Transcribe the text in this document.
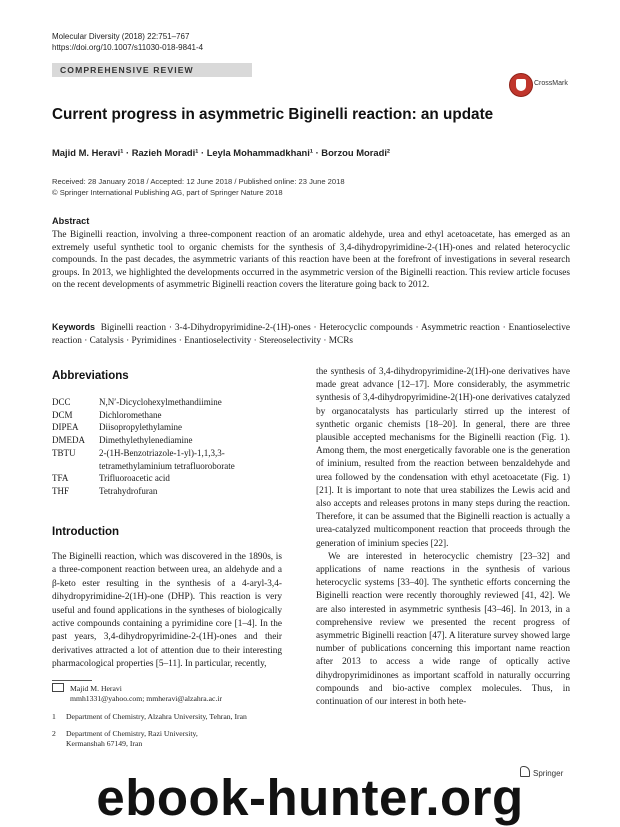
Molecular Diversity (2018) 22:751–767
https://doi.org/10.1007/s11030-018-9841-4
COMPREHENSIVE REVIEW
CrossMark
Current progress in asymmetric Biginelli reaction: an update
Majid M. Heravi¹ · Razieh Moradi¹ · Leyla Mohammadkhani¹ · Borzou Moradi²
Received: 28 January 2018 / Accepted: 12 June 2018 / Published online: 23 June 2018
© Springer International Publishing AG, part of Springer Nature 2018
Abstract
The Biginelli reaction, involving a three-component reaction of an aromatic aldehyde, urea and ethyl acetoacetate, has emerged as an extremely useful synthetic tool to organic chemists for the synthesis of 3,4-dihydropyrimidine-2-(1H)-ones and related heterocyclic compounds. In the past decades, the asymmetric variants of this reaction have been at the forefront of investigations in several research groups. In 2013, we highlighted the developments occurred in the asymmetric version of the Biginelli reaction. This review article focuses on the recent developments of asymmetric Biginelli reaction covers the literature going back to 2012.
Keywords Biginelli reaction · 3-4-Dihydropyrimidine-2-(1H)-ones · Heterocyclic compounds · Asymmetric reaction · Enantioselective reaction · Catalysis · Pyrimidines · Enantioselectivity · Stereoselectivity · MCRs
Abbreviations
DCC	N,N′-Dicyclohexylmethandiimine
DCM	Dichloromethane
DIPEA	Diisopropylethylamine
DMEDA	Dimethylethylenediamine
TBTU	2-(1H-Benzotriazole-1-yl)-1,1,3,3-tetramethylaminium tetrafluoroborate
TFA	Trifluoroacetic acid
THF	Tetrahydrofuran
Introduction
The Biginelli reaction, which was discovered in the 1890s, is a three-component reaction between urea, an aldehyde and a β-keto ester resulting in the synthesis of a 4-aryl-3,4-dihydropyrimidine-2(1H)-one (DHP). This reaction is very useful and found applications in the syntheses of biologically active compounds containing a pyrimidine core [1–4]. In the past years, 3,4-dihydropyrimidine-2-(1H)-ones and their derivatives attracted a lot of attention due to their interesting pharmacological properties [5–11]. In particular, recently,
Majid M. Heravi
mmh1331@yahoo.com; mmheravi@alzahra.ac.ir
1	Department of Chemistry, Alzahra University, Tehran, Iran
2	Department of Chemistry, Razi University,
Kermanshah 67149, Iran

the synthesis of 3,4-dihydropyrimidine-2(1H)-one derivatives have made great advance [12–17]. More considerably, the asymmetric synthesis of 3,4-dihydropyrimidine-2(1H)-one derivatives catalyzed by organocatalysts has particularly stirred up the interest of synthetic organic chemists [18–20]. In general, there are three plausible accepted mechanisms for the Biginelli reaction (Fig. 1). Among them, the most energetically favorable one is the generation of iminium, resulted from the reaction between benzaldehyde and urea followed by the condensation with ethyl acetoacetate (Fig. 1) [21]. It is important to note that urea stabilizes the Lewis acid and also accepts and releases protons in many steps during the reaction. Therefore, it can be assumed that the Biginelli reaction is actually a urea-catalyzed multicomponent reaction that proceeds through the generation of iminium species [22].

We are interested in heterocyclic chemistry [23–32] and applications of name reactions in the synthesis of various heterocyclic systems [33–40]. The synthetic efforts concerning the Biginelli reaction were recently thoroughly reviewed [41, 42]. We are also interested in asymmetric synthesis [43–46]. In 2013, in a comprehensive review we presented the recent progress of asymmetric Biginelli reaction [47]. A literature survey showed large number of publications concerning this important name reaction after 2013 to access a wide range of optically active dihydropyrimidinones as important scaffold in naturally occurring compounds and bio-active complex molecules. Thus, in continuation of our interest in both hete-

Springer
ebook-hunter.org
